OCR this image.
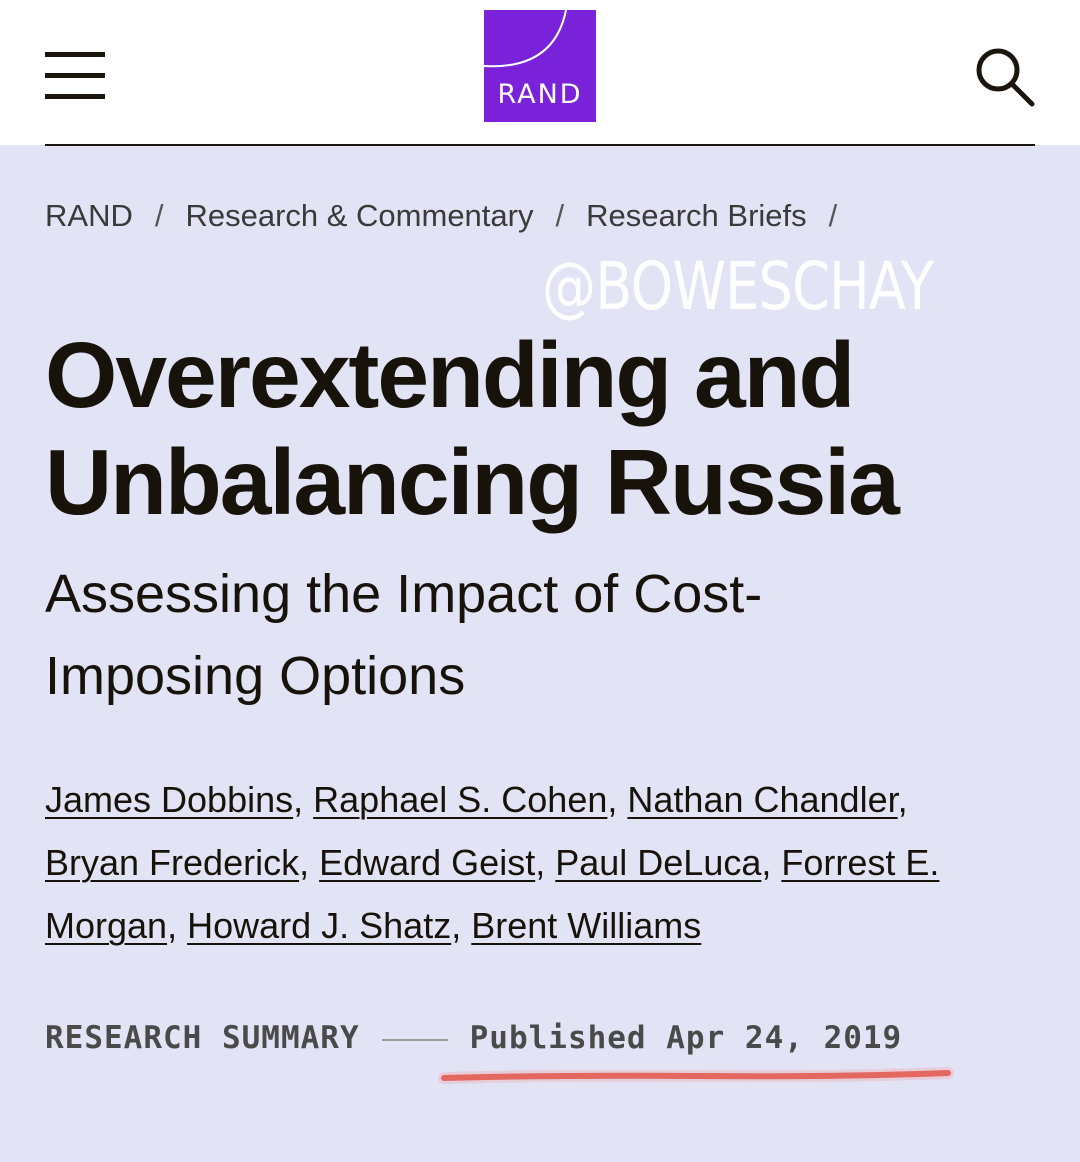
RAND
RAND / Research & Commentary / Research Briefs /
@BOWESCHAY
Overextending and
Unbalancing Russia
Assessing the Impact of Cost-
Imposing Options
James Dobbins, Raphael S. Cohen, Nathan Chandler,
Bryan Frederick, Edward Geist, Paul DeLuca, Forrest E. Morgan, Howard J. Shatz, Brent Williams
RESEARCH SUMMARY	Published Apr 24, 2019
